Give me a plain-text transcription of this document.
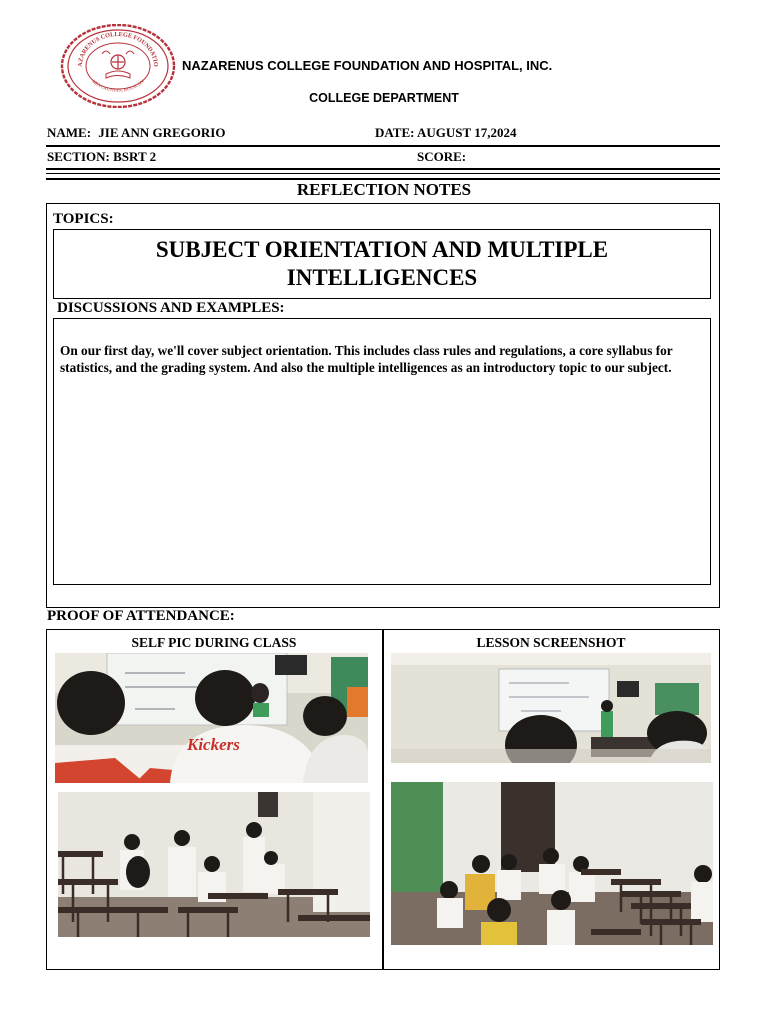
AZARENUS COLLEGE FOUNDATIO
MEYCAUAYAN, BULACAN
NAZARENUS COLLEGE FOUNDATION AND HOSPITAL, INC.
COLLEGE DEPARTMENT
NAME: JIE ANN GREGORIO	DATE: AUGUST 17,2024
SECTION: BSRT 2	SCORE:
REFLECTION NOTES
TOPICS:
SUBJECT ORIENTATION AND MULTIPLE
INTELLIGENCES
DISCUSSIONS AND EXAMPLES:
On our first day, we'll cover subject orientation. This includes class rules and regulations, a core syllabus for statistics, and the grading system. And also the multiple intelligences as an introductory topic to our subject.
PROOF OF ATTENDANCE:
SELF PIC DURING CLASS	LESSON SCREENSHOT
Kickers
